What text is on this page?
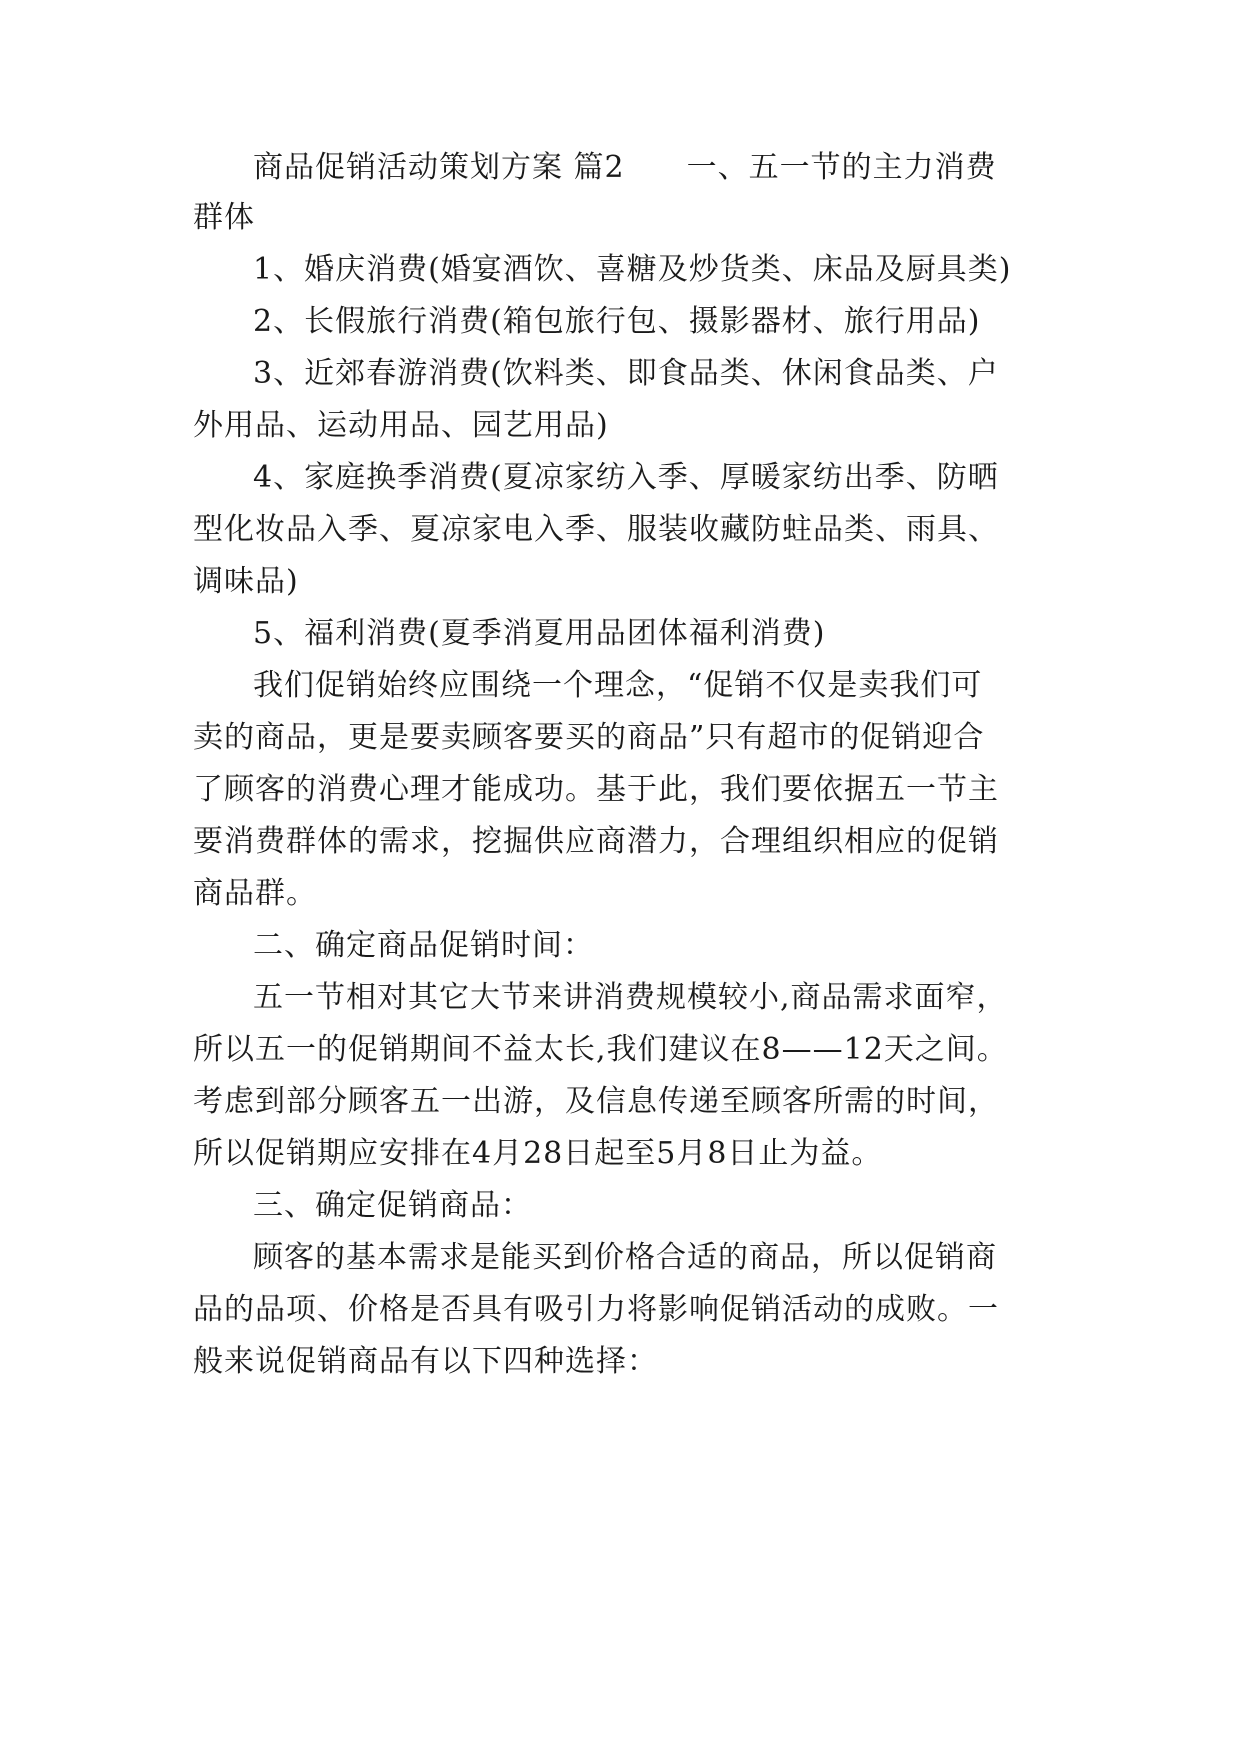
商品促销活动策划方案 篇2　　一、五一节的主力消费
群体
1、婚庆消费(婚宴酒饮、喜糖及炒货类、床品及厨具类)
2、长假旅行消费(箱包旅行包、摄影器材、旅行用品)
3、近郊春游消费(饮料类、即食品类、休闲食品类、户
外用品、运动用品、园艺用品)
4、家庭换季消费(夏凉家纺入季、厚暖家纺出季、防晒
型化妆品入季、夏凉家电入季、服装收藏防蛀品类、雨具、
调味品)
5、福利消费(夏季消夏用品团体福利消费)
我们促销始终应围绕一个理念，“促销不仅是卖我们可
卖的商品，更是要卖顾客要买的商品”只有超市的促销迎合
了顾客的消费心理才能成功。基于此，我们要依据五一节主
要消费群体的需求，挖掘供应商潜力，合理组织相应的促销
商品群。
二、确定商品促销时间：
五一节相对其它大节来讲消费规模较小,商品需求面窄，
所以五一的促销期间不益太长,我们建议在8——12天之间。
考虑到部分顾客五一出游，及信息传递至顾客所需的时间，
所以促销期应安排在4月28日起至5月8日止为益。
三、确定促销商品：
顾客的基本需求是能买到价格合适的商品，所以促销商
品的品项、价格是否具有吸引力将影响促销活动的成败。一
般来说促销商品有以下四种选择：
